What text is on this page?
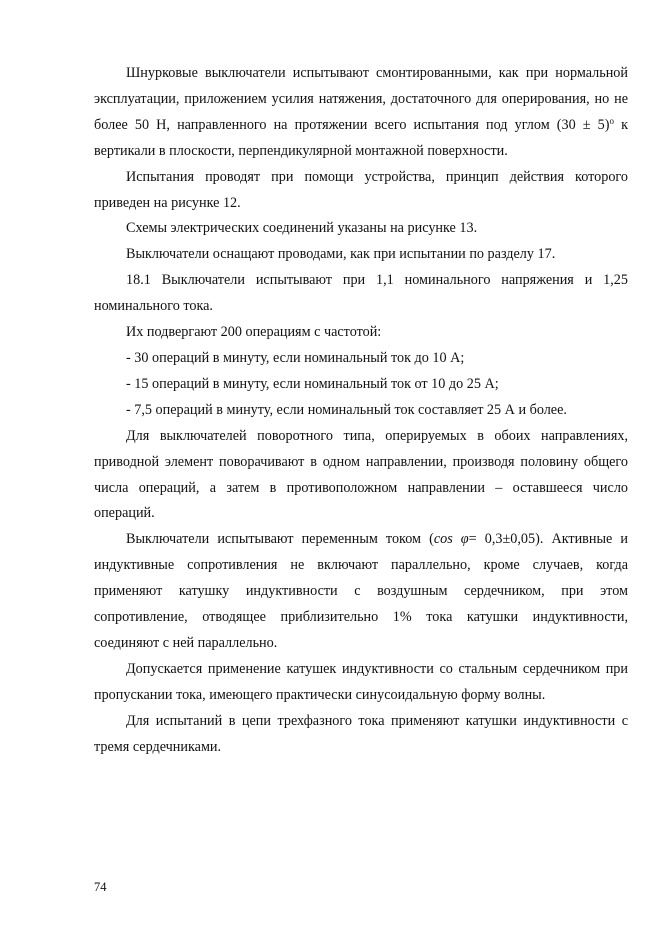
Шнурковые выключатели испытывают смонтированными, как при нормальной эксплуатации, приложением усилия натяжения, достаточного для оперирования, но не более 50 Н, направленного на протяжении всего испытания под углом $(30 \pm 5)^о$ к вертикали в плоскости, перпендикулярной монтажной поверхности.

Испытания проводят при помощи устройства, принцип действия которого приведен на рисунке 12.

Схемы электрических соединений указаны на рисунке 13.

Выключатели оснащают проводами, как при испытании по разделу 17.

18.1 Выключатели испытывают при 1,1 номинального напряжения и 1,25 номинального тока.

Их подвергают 200 операциям с частотой:

- 30 операций в минуту, если номинальный ток до 10 А;

- 15 операций в минуту, если номинальный ток от 10 до 25 А;

- 7,5 операций в минуту, если номинальный ток составляет 25 А и более.

Для выключателей поворотного типа, оперируемых в обоих направлениях, приводной элемент поворачивают в одном направлении, производя половину общего числа операций, а затем в противоположном направлении – оставшееся число операций.

Выключатели испытывают переменным током (cos φ= 0,3±0,05). Активные и индуктивные сопротивления не включают параллельно, кроме случаев, когда применяют катушку индуктивности с воздушным сердечником, при этом сопротивление, отводящее приблизительно 1% тока катушки индуктивности, соединяют с ней параллельно.

Допускается применение катушек индуктивности со стальным сердечником при пропускании тока, имеющего практически синусоидальную форму волны.

Для испытаний в цепи трехфазного тока применяют катушки индуктивности с тремя сердечниками.

74
